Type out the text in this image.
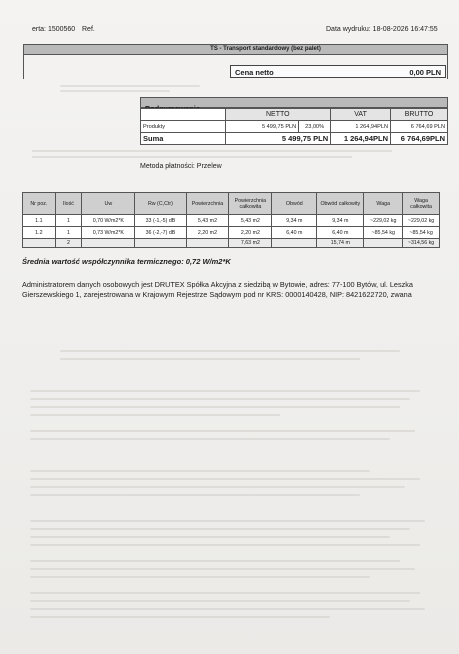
erta: 1500560 Ref.	Data wydruku: 18-08-2026 16:47:55
TS - Transport standardowy (bez palet)
Cena netto	0,00 PLN
	NETTO		VAT	BRUTTO
Produkty	5 499,75 PLN	23,00%	1 264,94PLN	6 764,69 PLN
Suma	5 499,75 PLN		1 264,94PLN	6 764,69PLN
Metoda płatności: Przelew
Nr poz.	Ilość	Uw	Rw (C,Ctr)	Powierzchnia	Powierzchnia całkowita	Obwód	Obwód całkowity	Waga	Waga całkowita
1.1	1	0,70 W/m2*K	33 (-1,-5) dB	5,43 m2	5,43 m2	9,34 m	9,34 m	~229,02 kg	~229,02 kg
1.2	1	0,73 W/m2*K	36 (-2,-7) dB	2,20 m2	2,20 m2	6,40 m	6,40 m	~85,54 kg	~85,54 kg
	2				7,63 m2		15,74 m		~314,56 kg
Średnia wartość współczynnika termicznego: 0,72 W/m2*K
Administratorem danych osobowych jest DRUTEX Spółka Akcyjna z siedzibą w Bytowie, adres: 77-100 Bytów, ul. Leszka Gierszewskiego 1, zarejestrowana w Krajowym Rejestrze Sądowym pod nr KRS: 0000140428, NIP: 8421622720, zwana
